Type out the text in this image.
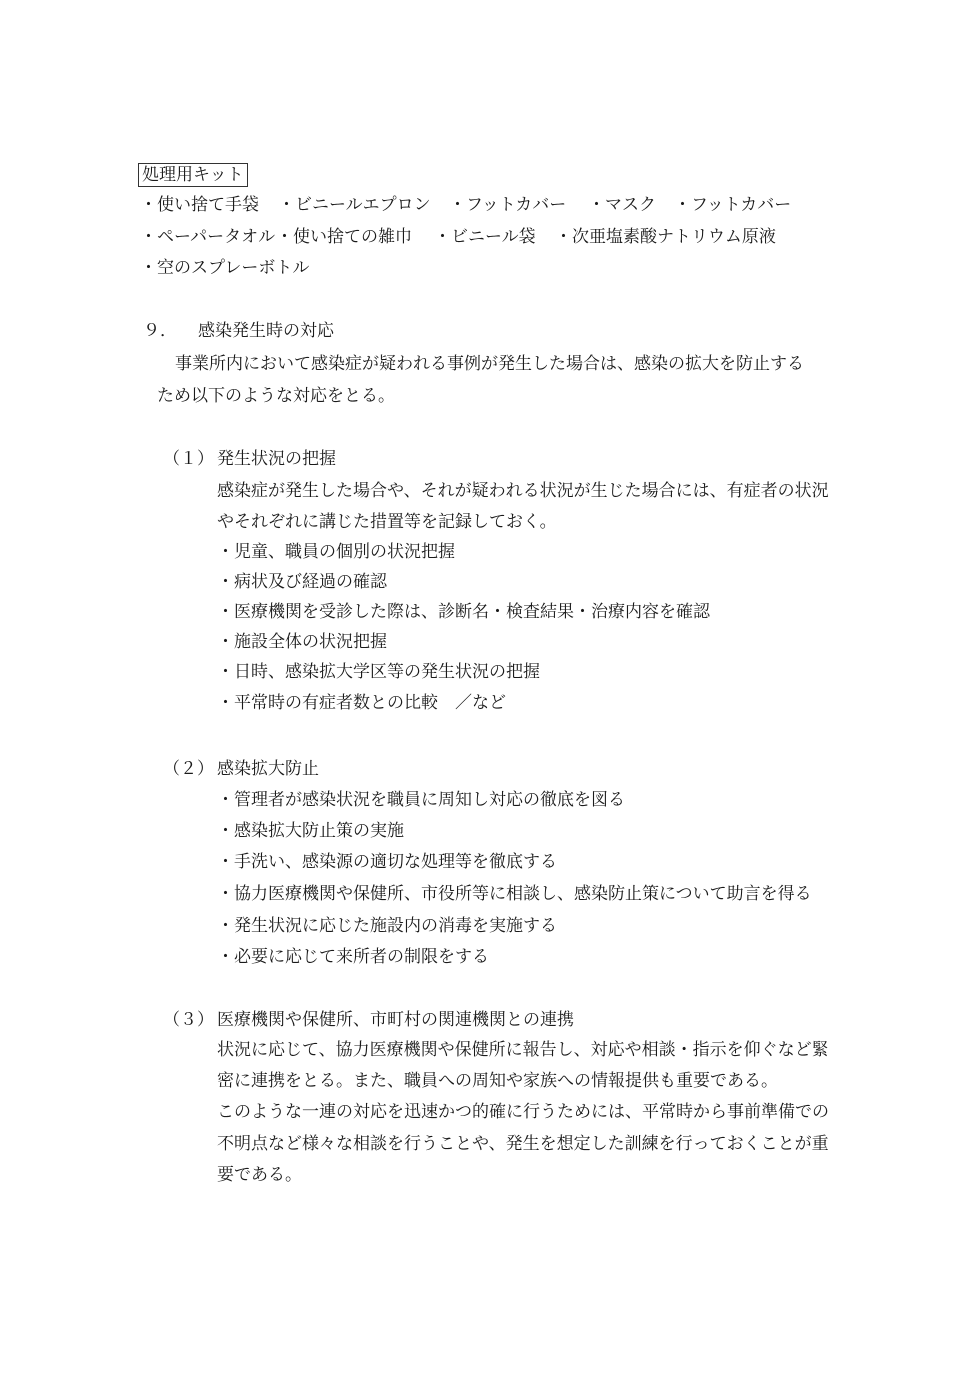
処理用キット
・使い捨て手袋 ・ビニールエプロン ・フットカバー ・マスク ・フットカバー
・ペーパータオル ・使い捨ての雑巾 ・ビニール袋 ・次亜塩素酸ナトリウム原液
・空のスプレーボトル
９． 感染発生時の対応
事業所内において感染症が疑われる事例が発生した場合は、感染の拡大を防止する
ため以下のような対応をとる。
（１） 発生状況の把握
感染症が発生した場合や、それが疑われる状況が生じた場合には、有症者の状況
やそれぞれに講じた措置等を記録しておく。
・児童、職員の個別の状況把握
・病状及び経過の確認
・医療機関を受診した際は、診断名・検査結果・治療内容を確認
・施設全体の状況把握
・日時、感染拡大学区等の発生状況の把握
・平常時の有症者数との比較　／など
（２） 感染拡大防止
・管理者が感染状況を職員に周知し対応の徹底を図る
・感染拡大防止策の実施
・手洗い、感染源の適切な処理等を徹底する
・協力医療機関や保健所、市役所等に相談し、感染防止策について助言を得る
・発生状況に応じた施設内の消毒を実施する
・必要に応じて来所者の制限をする
（３） 医療機関や保健所、市町村の関連機関との連携
状況に応じて、協力医療機関や保健所に報告し、対応や相談・指示を仰ぐなど緊
密に連携をとる。また、職員への周知や家族への情報提供も重要である。
このような一連の対応を迅速かつ的確に行うためには、平常時から事前準備での
不明点など様々な相談を行うことや、発生を想定した訓練を行っておくことが重
要である。
